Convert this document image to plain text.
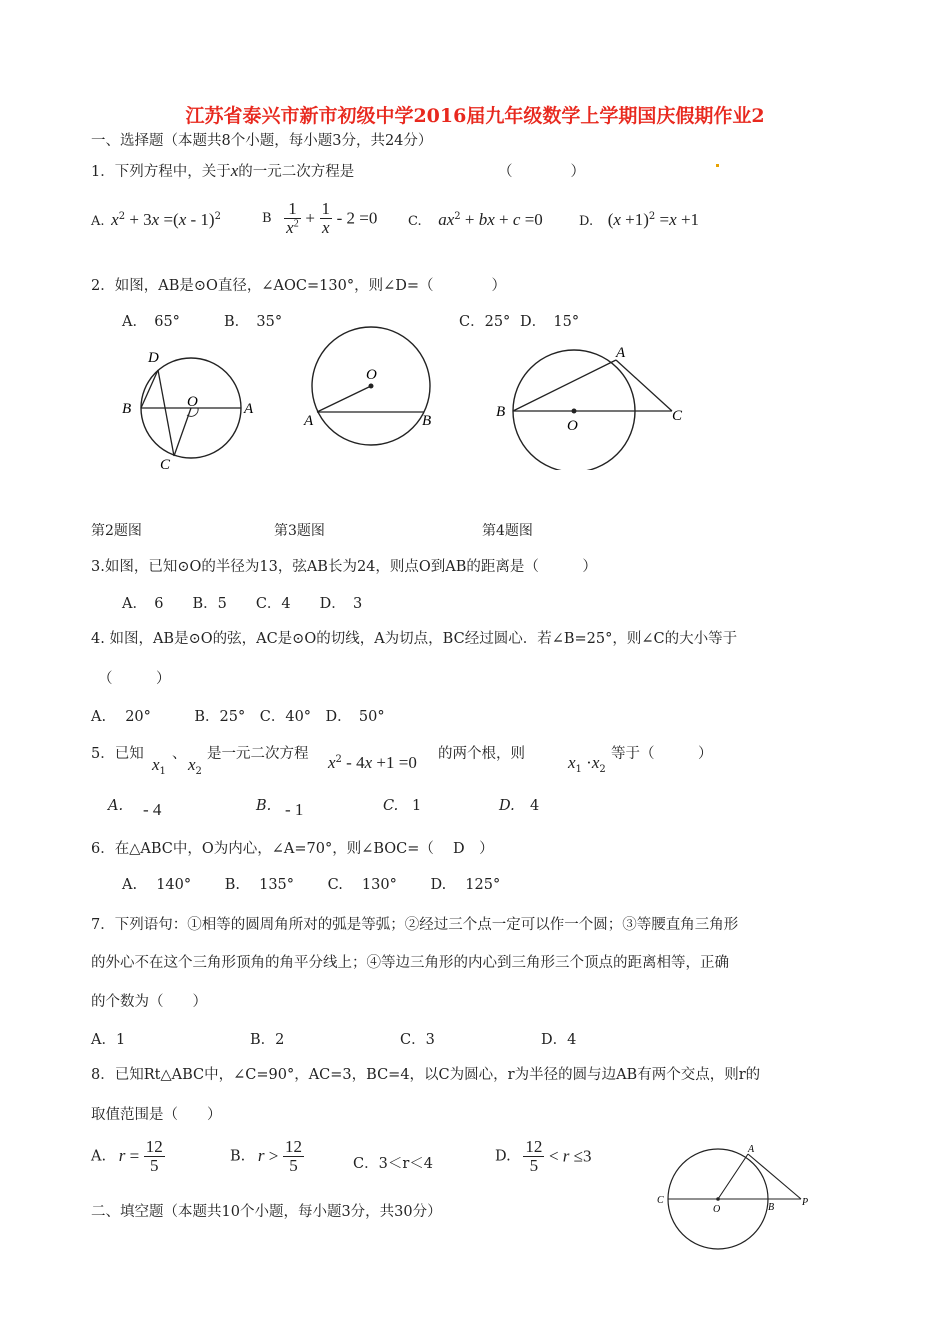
江苏省泰兴市新市初级中学2016届九年级数学上学期国庆假期作业2
一、选择题（本题共8个小题，每小题3分，共24分）
1．下列方程中，关于x的一元二次方程是	（　　　　）
A. $x^2 + 3x =(x - 1)^2$	B $\frac{1}{x^2} + \frac{1}{x} - 2 =0$ C. $ax^2$ + bx + c =0	D. $(x +1)^2 =x +1$
2．如图，AB是⊙O直径，∠AOC=130°，则∠D=（　　　　）
A．　65°	B．　35°	C．25° D．　15°
D
B	O	A
C
O
A	B
A
B
O
C
第2题图	第3题图	第4题图
3.如图，已知⊙O的半径为13，弦AB长为24，则点O到AB的距离是（　　　）
A．　6　　B．5　　C．4　　D．　3
4. 如图，AB是⊙O的弦，AC是⊙O的切线，A为切点，BC经过圆心．若∠B=25°，则∠C的大小等于
（　　　）
A.　 20°　　　B．25°　C．40°　D．　50°
5．已知
$x_1$
、
$x_2$
是一元二次方程 $x^2 - 4x +1 =0$ 的两个根，则	$x_1 \cdot x_2$
等于（　　　）
A. - 4	B. - 1	C. 1	D. 4
6．在△ABC中，O为内心，∠A=70°，则∠BOC=（　 D　）
A.　 140°　　 B.　 135°　　 C.　 130°　　 D.　 125°
7．下列语句：①相等的圆周角所对的弧是等弧；②经过三个点一定可以作一个圆；③等腰直角三角形
的外心不在这个三角形顶角的角平分线上；④等边三角形的内心到三角形三个顶点的距离相等，正确
的个数为（　　）
A．1	B．2	C．3	D．4
8．已知Rt△ABC中，∠C=90°，AC=3，BC=4，以C为圆心，r为半径的圆与边AB有两个交点，则r的
取值范围是（　　）
A. $r = \frac{12}{5}$	B. $r > \frac{12}{5}$	C．3＜r＜4	D. $\frac{12}{5} < r \le 3$
二、填空题（本题共10个小题，每小题3分，共30分）
A
C
O	B	P
